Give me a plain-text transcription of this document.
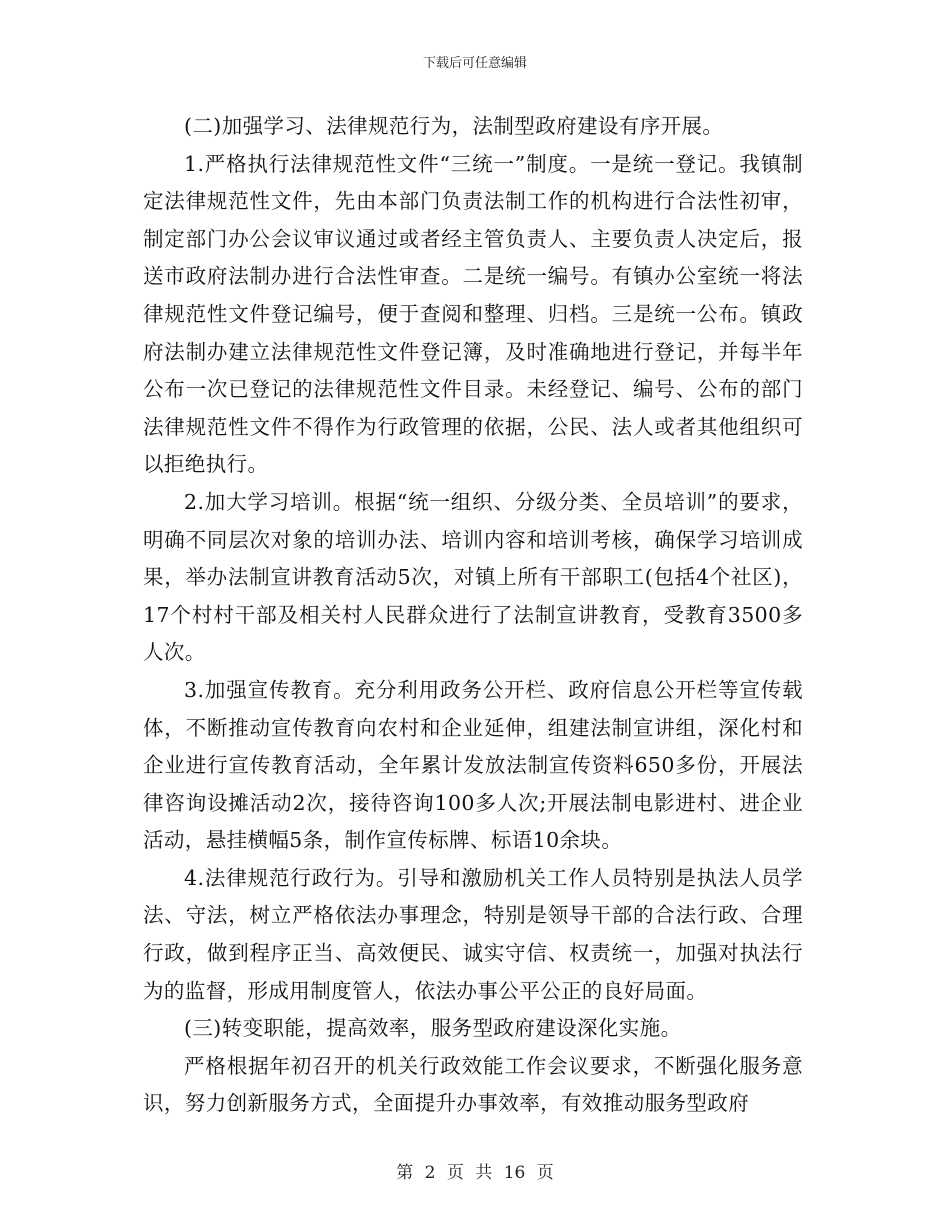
下载后可任意编辑

(二)加强学习、法律规范行为，法制型政府建设有序开展。

1.严格执行法律规范性文件“三统一”制度。一是统一登记。我镇制定法律规范性文件，先由本部门负责法制工作的机构进行合法性初审，制定部门办公会议审议通过或者经主管负责人、主要负责人决定后，报送市政府法制办进行合法性审查。二是统一编号。有镇办公室统一将法律规范性文件登记编号，便于查阅和整理、归档。三是统一公布。镇政府法制办建立法律规范性文件登记簿，及时准确地进行登记，并每半年公布一次已登记的法律规范性文件目录。未经登记、编号、公布的部门法律规范性文件不得作为行政管理的依据，公民、法人或者其他组织可以拒绝执行。

2.加大学习培训。根据“统一组织、分级分类、全员培训”的要求，明确不同层次对象的培训办法、培训内容和培训考核，确保学习培训成果，举办法制宣讲教育活动5次，对镇上所有干部职工(包括4个社区)，17个村村干部及相关村人民群众进行了法制宣讲教育，受教育3500多人次。

3.加强宣传教育。充分利用政务公开栏、政府信息公开栏等宣传载体，不断推动宣传教育向农村和企业延伸，组建法制宣讲组，深化村和企业进行宣传教育活动，全年累计发放法制宣传资料650多份，开展法律咨询设摊活动2次，接待咨询100多人次;开展法制电影进村、进企业活动，悬挂横幅5条，制作宣传标牌、标语10余块。

4.法律规范行政行为。引导和激励机关工作人员特别是执法人员学法、守法，树立严格依法办事理念，特别是领导干部的合法行政、合理行政，做到程序正当、高效便民、诚实守信、权责统一，加强对执法行为的监督，形成用制度管人，依法办事公平公正的良好局面。

(三)转变职能，提高效率，服务型政府建设深化实施。

严格根据年初召开的机关行政效能工作会议要求，不断强化服务意识，努力创新服务方式，全面提升办事效率，有效推动服务型政府

第 2 页 共 16 页
